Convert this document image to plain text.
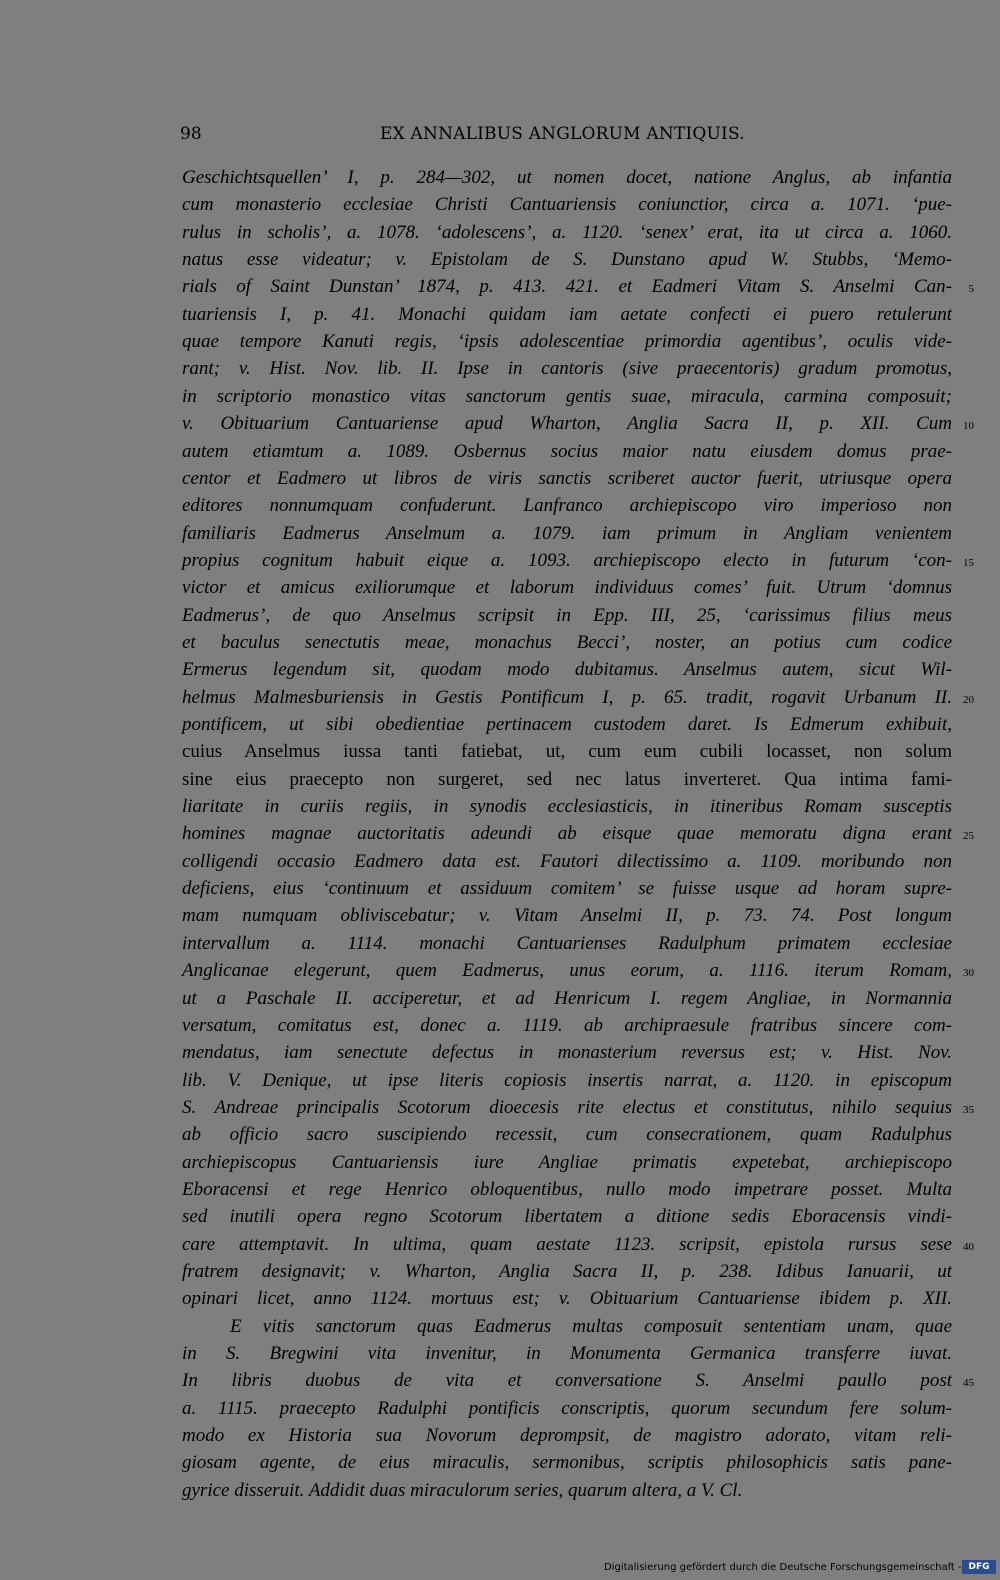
98	EX ANNALIBUS ANGLORUM ANTIQUIS.
Geschichtsquellen’ I, p. 284—302, ut nomen docet, natione Anglus, ab infantia
cum monasterio ecclesiae Christi Cantuariensis coniunctior, circa a. 1071. ‘pue-
rulus in scholis’, a. 1078. ‘adolescens’, a. 1120. ‘senex’ erat, ita ut circa a. 1060.
natus esse videatur; v. Epistolam de S. Dunstano apud W. Stubbs, ‘Memo-
rials of Saint Dunstan’ 1874, p. 413. 421. et Eadmeri Vitam S. Anselmi Can-	5
tuariensis I, p. 41. Monachi quidam iam aetate confecti ei puero retulerunt
quae tempore Kanuti regis, ‘ipsis adolescentiae primordia agentibus’, oculis vide-
rant; v. Hist. Nov. lib. II. Ipse in cantoris (sive praecentoris) gradum promotus,
in scriptorio monastico vitas sanctorum gentis suae, miracula, carmina composuit;
v. Obituarium Cantuariense apud Wharton, Anglia Sacra II, p. XII. Cum	10
autem etiamtum a. 1089. Osbernus socius maior natu eiusdem domus prae-
centor et Eadmero ut libros de viris sanctis scriberet auctor fuerit, utriusque opera
editores nonnumquam confuderunt. Lanfranco archiepiscopo viro imperioso non
familiaris Eadmerus Anselmum a. 1079. iam primum in Angliam venientem
propius cognitum habuit eique a. 1093. archiepiscopo electo in futurum ‘con-	15
victor et amicus exiliorumque et laborum individuus comes’ fuit. Utrum ‘domnus
Eadmerus’, de quo Anselmus scripsit in Epp. III, 25, ‘carissimus filius meus
et baculus senectutis meae, monachus Becci’, noster, an potius cum codice
Ermerus legendum sit, quodam modo dubitamus. Anselmus autem, sicut Wil-
helmus Malmesburiensis in Gestis Pontificum I, p. 65. tradit, rogavit Urbanum II.	20
pontificem, ut sibi obedientiae pertinacem custodem daret. Is Edmerum exhibuit,
cuius Anselmus iussa tanti fatiebat, ut, cum eum cubili locasset, non solum
sine eius praecepto non surgeret, sed nec latus inverteret. Qua intima fami-
liaritate in curiis regiis, in synodis ecclesiasticis, in itineribus Romam susceptis
homines magnae auctoritatis adeundi ab eisque quae memoratu digna erant	25
colligendi occasio Eadmero data est. Fautori dilectissimo a. 1109. moribundo non
deficiens, eius ‘continuum et assiduum comitem’ se fuisse usque ad horam supre-
mam numquam obliviscebatur; v. Vitam Anselmi II, p. 73. 74. Post longum
intervallum a. 1114. monachi Cantuarienses Radulphum primatem ecclesiae
Anglicanae elegerunt, quem Eadmerus, unus eorum, a. 1116. iterum Romam,	30
ut a Paschale II. acciperetur, et ad Henricum I. regem Angliae, in Normannia
versatum, comitatus est, donec a. 1119. ab archipraesule fratribus sincere com-
mendatus, iam senectute defectus in monasterium reversus est; v. Hist. Nov.
lib. V. Denique, ut ipse literis copiosis insertis narrat, a. 1120. in episcopum
S. Andreae principalis Scotorum dioecesis rite electus et constitutus, nihilo sequius	35
ab officio sacro suscipiendo recessit, cum consecrationem, quam Radulphus
archiepiscopus Cantuariensis iure Angliae primatis expetebat, archiepiscopo
Eboracensi et rege Henrico obloquentibus, nullo modo impetrare posset. Multa
sed inutili opera regno Scotorum libertatem a ditione sedis Eboracensis vindi-
care attemptavit. In ultima, quam aestate 1123. scripsit, epistola rursus sese	40
fratrem designavit; v. Wharton, Anglia Sacra II, p. 238. Idibus Ianuarii, ut
opinari licet, anno 1124. mortuus est; v. Obituarium Cantuariense ibidem p. XII.
E vitis sanctorum quas Eadmerus multas composuit sententiam unam, quae
in S. Bregwini vita invenitur, in Monumenta Germanica transferre iuvat.
In libris duobus de vita et conversatione S. Anselmi paullo post	45
a. 1115. praecepto Radulphi pontificis conscriptis, quorum secundum fere solum-
modo ex Historia sua Novorum deprompsit, de magistro adorato, vitam reli-
giosam agente, de eius miraculis, sermonibus, scriptis philosophicis satis pane-
gyrice disseruit. Addidit duas miraculorum series, quarum altera, a V. Cl.
Digitalisierung gefördert durch die Deutsche Forschungsgemeinschaft - DFG
